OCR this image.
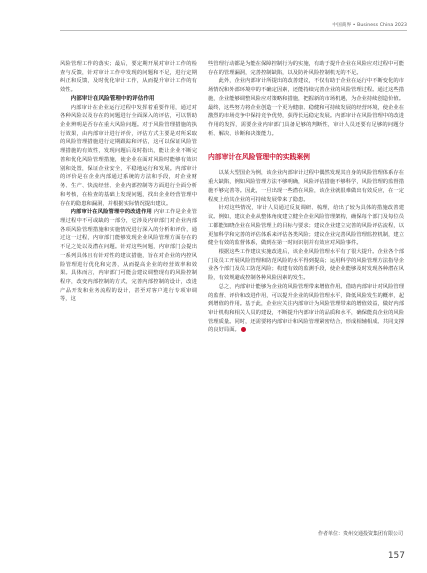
中国商界 • Business China 2023

风险管理工作的落实；最后，要定期开展对审计工作的检查与反馈，针对审计工作中发现的问题和不足，进行定期纠正和反馈，及时优化审计工作，从而提升审计工作的有效性。

内部审计在风险管理中的评估作用

内部审计在企业运行过程中发挥着重要作用，通过对各种风险以及存在的问题进行全面深入的评估，可以帮助企业辨明是否存在重大风险问题。对于风险管理措施的执行效果，由内部审计进行评价，评估方式主要是对所采取的风险管理措施进行定期跟踪和评估，这可以保证风险管理措施的有效性，发现问题后及时指出，能让企业不断完善和优化风险管理措施，使企业在面对风险时能够有效识别和处置，保证企业安全，平稳地运行和发展。内部审计的评价是在企业内部通过系统的方法和手段，对企业财务、生产、快流经营、企业内部控制等方面进行全面分析和考核，在检查的基础上发现问题，找出企业经营管理中存在的隐患和漏洞，并根据实际情况提出建议。

内部审计在风险管理中的改进作用 内审工作是企业管理过程中不可或缺的一部分，它涉及内审部门对企业内部各项风险管理措施和实施情况进行深入的分析和评价，通过这一过程，内审部门能够发现企业风险管理方面存在的不足之处以及潜在问题。针对这些问题，内审部门会提出一系列具体且有针对性的建议措施，旨在对企业的内控风险管理进行优化和完善，从而提高企业的经营效率和效果。具体而言，内审部门可能会建议调整现有的风险控制程序，改变内部控制的方式，完善内部控制的设计，改进产品开发和业务流程的设计，甚至对客户进行专项审调等，这

些管理行动都是为能在保障控制行为的实施，有助于提升企业在风险应对过程中可能存在的管理漏洞，完善控制缺陷，以及防补风险控制机无的不足。

此外，企业内部审计所提出的改善建议，不仅有助于企业在运行中不断变化的市场情况和外部环境中的不确定因素，还能持续完善企业的风险管理过程。通过这些措施，企业能够调整风险应对策略和措施，把握新的市场机遇，为企业持续创造价值。最终，这些努力将企业创造一个更为健康、稳健和可持续发展的经营环境，使企业在激烈的市场竞争中保持竞争优势，获得长远稳定发展。内部审计在风险管理中的改进作用的发挥，需要企业内审部门具备足够的判断性，审计人员还要有足够的问题分析、解决、诊断和决策能力。

内部审计在风险管理中的实践案例

以某大型国企为例，该企业内部审计过程中偶然发现其自身的风险管理体系存在重大缺陷，例如风险管理方法不够明确，风险评估措施不够科学，风险管理的监督措施不够完善等。因此，一旦出现一些潜在风险，该企业就很难做出有效反应，在一定程度上给其企业的可持续发展带来了隐患。

针对这些情况，审计人员通过反复调研、梳理，给出了较为具体的措施改善建议。例如，建议企业从整体角度建立健全企业风险管理架构，确保每个部门及每位员工都能知晓企业在风险管理上的目标与要求；建议企业建立完善的风险评估流程，以更加科学和完善的评估体系来评估各类风险；建议企业完善风险管理监控机制，建立健全有效的监督体系，做到在第一时间识别并有效应对风险事件。

根据这些工作建议实施改进后，该企业风险管理水平有了很大提升。企业各个部门及员工开展风险管理和防范风险的水平得到提高；运用科学的风险管理方法指导企业各个部门及员工防范风险；构建有效的监测手段，使企业能够及时发现各种潜在风险，有效规避或控制各种风险因素的发生。

总之，内部审计能够为企业的风险管理带来增值作用。借助内部审计对风险管理的监督、评价和改进作用，可以提升企业的风险管理水平，降低风险发生的概率，起到增值的作用。基于此，企业应关注内部审计为风险管理带来的增值效益，做好内部审计机构和相关人员的建设，不断提升内部审计的品质和水平，确保能真企业的风险管理质量。同时，还需要将内部审计和风险管理紧密结合，形成相辅相成、共同支撑的良好局面。

作者单位：贵州交通投资集团有限公司
157
